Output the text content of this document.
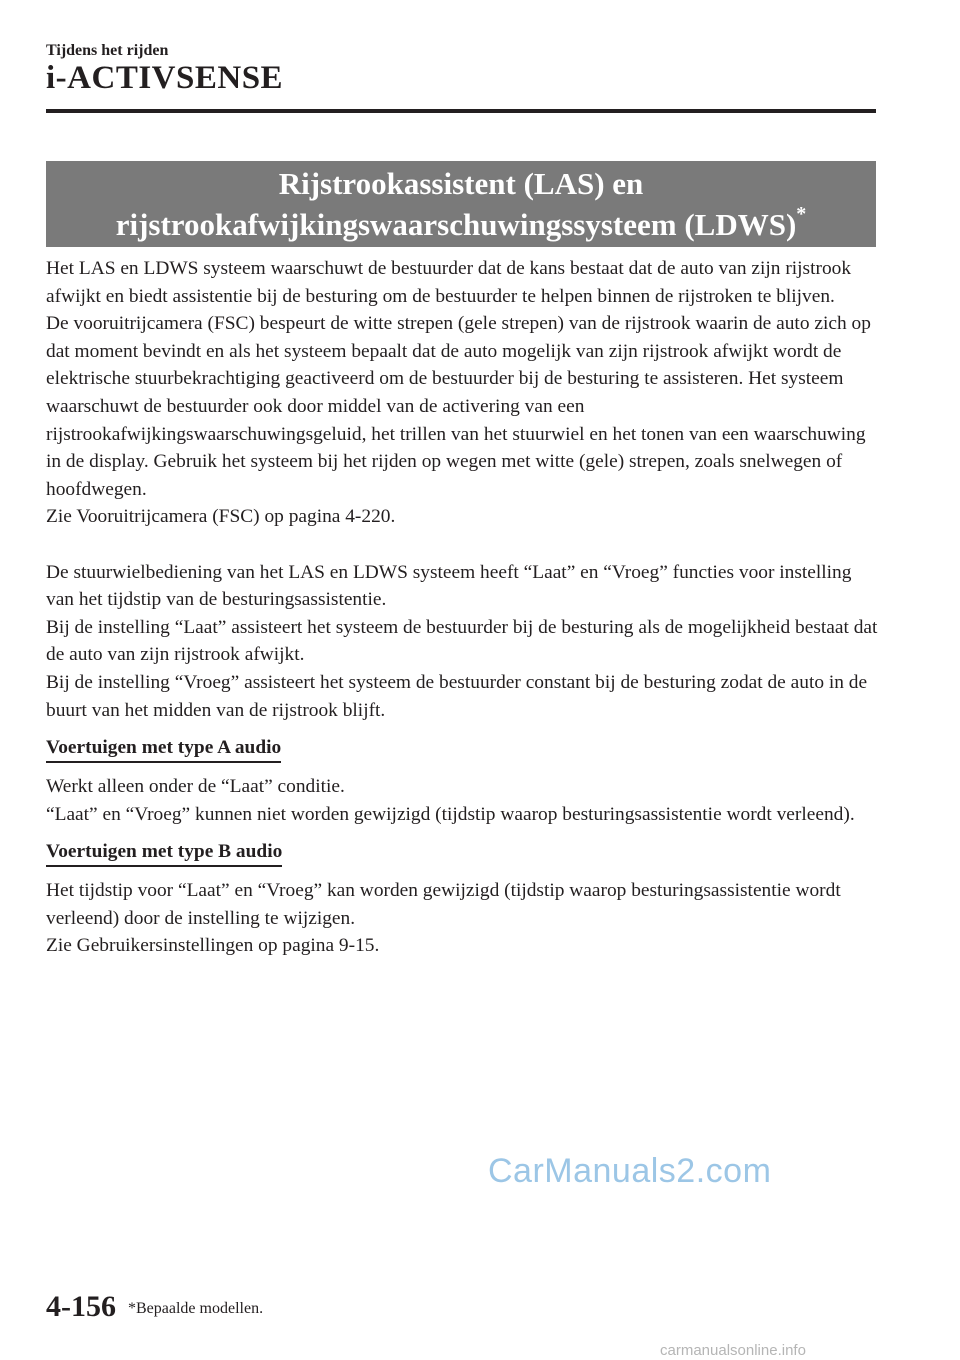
Tijdens het rijden
i-ACTIVSENSE
Rijstrookassistent (LAS) en
rijstrookafwijkingswaarschuwingssysteem (LDWS)*

Het LAS en LDWS systeem waarschuwt de bestuurder dat de kans bestaat dat de auto van zijn rijstrook afwijkt en biedt assistentie bij de besturing om de bestuurder te helpen binnen de rijstroken te blijven.

De vooruitrijcamera (FSC) bespeurt de witte strepen (gele strepen) van de rijstrook waarin de auto zich op dat moment bevindt en als het systeem bepaalt dat de auto mogelijk van zijn rijstrook afwijkt wordt de elektrische stuurbekrachtiging geactiveerd om de bestuurder bij de besturing te assisteren. Het systeem waarschuwt de bestuurder ook door middel van de activering van een rijstrookafwijkingswaarschuwingsgeluid, het trillen van het stuurwiel en het tonen van een waarschuwing in de display. Gebruik het systeem bij het rijden op wegen met witte (gele) strepen, zoals snelwegen of hoofdwegen.

Zie Vooruitrijcamera (FSC) op pagina 4-220.

De stuurwielbediening van het LAS en LDWS systeem heeft “Laat” en “Vroeg” functies voor instelling van het tijdstip van de besturingsassistentie.

Bij de instelling “Laat” assisteert het systeem de bestuurder bij de besturing als de mogelijkheid bestaat dat de auto van zijn rijstrook afwijkt.

Bij de instelling “Vroeg” assisteert het systeem de bestuurder constant bij de besturing zodat de auto in de buurt van het midden van de rijstrook blijft.

Voertuigen met type A audio

Werkt alleen onder de “Laat” conditie.

“Laat” en “Vroeg” kunnen niet worden gewijzigd (tijdstip waarop besturingsassistentie wordt verleend).

Voertuigen met type B audio

Het tijdstip voor “Laat” en “Vroeg” kan worden gewijzigd (tijdstip waarop besturingsassistentie wordt verleend) door de instelling te wijzigen.

Zie Gebruikersinstellingen op pagina 9-15.

CarManuals2.com
4-156 *Bepaalde modellen.
carmanualsonline.info
